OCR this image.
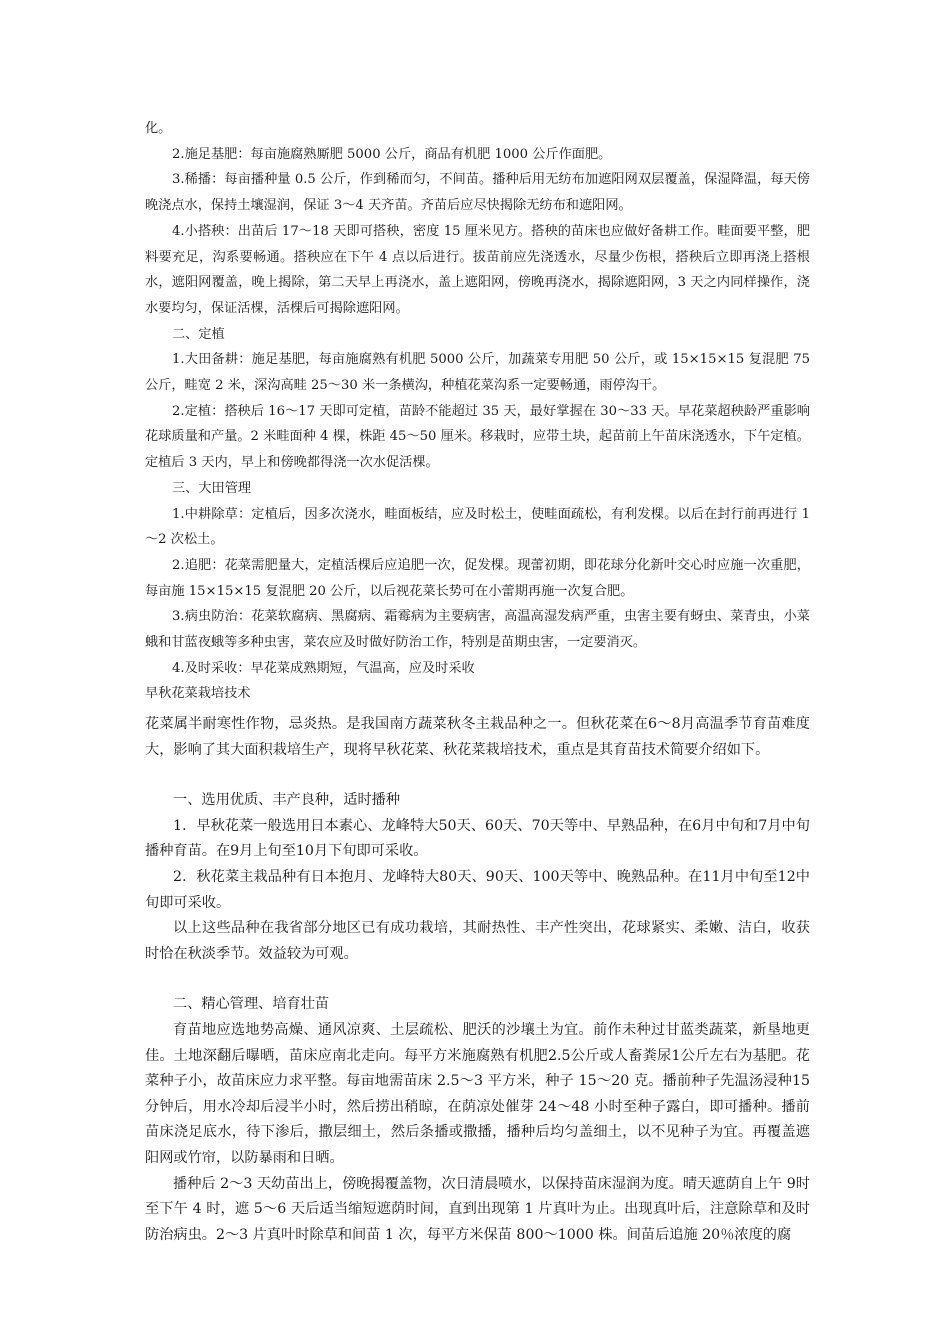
化。

2.施足基肥：每亩施腐熟厮肥 5000 公斤，商品有机肥 1000 公斤作面肥。

3.稀播：每亩播种量 0.5 公斤，作到稀而匀，不间苗。播种后用无纺布加遮阳网双层覆盖，保湿降温，每天傍晚浇点水，保持土壤湿润，保证 3～4 天齐苗。齐苗后应尽快揭除无纺布和遮阳网。

4.小搭秧：出苗后 17～18 天即可搭秧，密度 15 厘米见方。搭秧的苗床也应做好备耕工作。畦面要平整，肥料要充足，沟系要畅通。搭秧应在下午 4 点以后进行。拔苗前应先浇透水，尽量少伤根，搭秧后立即再浇上搭根水，遮阳网覆盖，晚上揭除，第二天早上再浇水，盖上遮阳网，傍晚再浇水，揭除遮阳网，3 天之内同样操作，浇水要均匀，保证活棵，活棵后可揭除遮阳网。

二、定植

1.大田备耕：施足基肥，每亩施腐熟有机肥 5000 公斤，加蔬菜专用肥 50 公斤，或 15×15×15 复混肥 75 公斤，畦宽 2 米，深沟高畦 25～30 米一条横沟，种植花菜沟系一定要畅通，雨停沟干。

2.定植：搭秧后 16～17 天即可定植，苗龄不能超过 35 天，最好掌握在 30～33 天。早花菜超秧龄严重影响花球质量和产量。2 米畦面种 4 棵，株距 45～50 厘米。移栽时，应带土块，起苗前上午苗床浇透水，下午定植。定植后 3 天内，早上和傍晚都得浇一次水促活棵。

三、大田管理

1.中耕除草：定植后，因多次浇水，畦面板结，应及时松土，使畦面疏松，有利发棵。以后在封行前再进行 1～2 次松土。

2.追肥：花菜需肥量大，定植活棵后应追肥一次，促发棵。现蕾初期，即花球分化新叶交心时应施一次重肥，每亩施 15×15×15 复混肥 20 公斤，以后视花菜长势可在小蕾期再施一次复合肥。

3.病虫防治：花菜软腐病、黑腐病、霜霉病为主要病害，高温高湿发病严重，虫害主要有蚜虫、菜青虫，小菜蛾和甘蓝夜蛾等多种虫害，菜农应及时做好防治工作，特别是苗期虫害，一定要消灭。

4.及时采收：早花菜成熟期短，气温高，应及时采收

早秋花菜栽培技术

花菜属半耐寒性作物，忌炎热。是我国南方蔬菜秋冬主栽品种之一。但秋花菜在6～8月高温季节育苗难度大，影响了其大面积栽培生产，现将早秋花菜、秋花菜栽培技术，重点是其育苗技术简要介绍如下。

一、选用优质、丰产良种，适时播种

1．早秋花菜一般选用日本素心、龙峰特大50天、60天、70天等中、早熟品种，在6月中旬和7月中旬播种育苗。在9月上旬至10月下旬即可采收。

2．秋花菜主栽品种有日本抱月、龙峰特大80天、90天、100天等中、晚熟品种。在11月中旬至12中旬即可采收。

以上这些品种在我省部分地区已有成功栽培，其耐热性、丰产性突出，花球紧实、柔嫩、洁白，收获时恰在秋淡季节。效益较为可观。

二、精心管理、培育壮苗

育苗地应选地势高燥、通风凉爽、土层疏松、肥沃的沙壤土为宜。前作未种过甘蓝类蔬菜，新垦地更佳。土地深翻后曝晒，苗床应南北走向。每平方米施腐熟有机肥2.5公斤或人畜粪尿1公斤左右为基肥。花菜种子小，故苗床应力求平整。每亩地需苗床 2.5～3 平方米，种子 15～20 克。播前种子先温汤浸种15分钟后，用水冷却后浸半小时，然后捞出稍晾，在荫凉处催芽 24～48 小时至种子露白，即可播种。播前苗床浇足底水，待下渗后，撒层细土，然后条播或撒播，播种后均匀盖细土，以不见种子为宜。再覆盖遮阳网或竹帘，以防暴雨和日晒。

播种后 2～3 天幼苗出上，傍晚揭覆盖物，次日清晨喷水，以保持苗床湿润为度。晴天遮荫自上午 9时至下午 4 时，遮 5～6 天后适当缩短遮荫时间，直到出现第 1 片真叶为止。出现真叶后，注意除草和及时防治病虫。2～3 片真叶时除草和间苗 1 次，每平方米保苗 800～1000 株。间苗后追施 20％浓度的腐
